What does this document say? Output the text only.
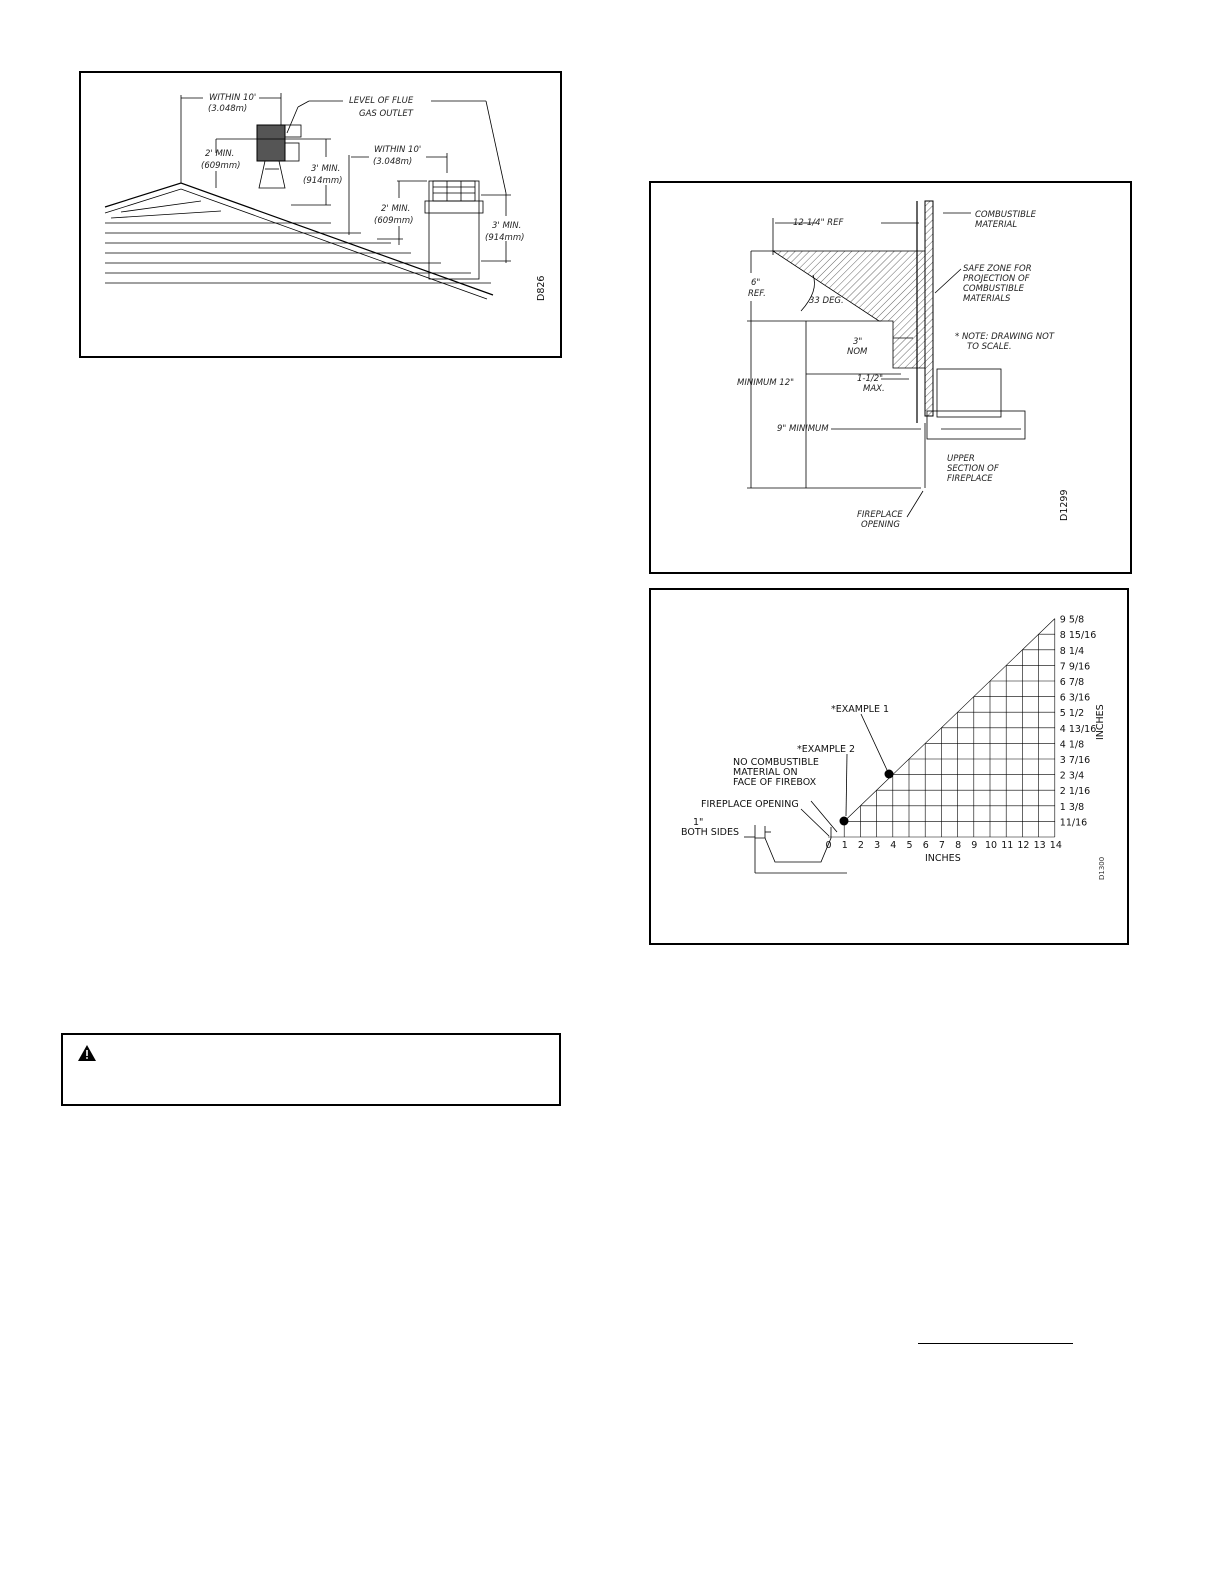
WITHIN 10'
(3.048m)
LEVEL OF FLUE
GAS OUTLET
2' MIN.
(609mm)	3' MIN.
(914mm)
WITHIN 10'
(3.048m)
2' MIN.
(609mm)	3' MIN.
(914mm)
D826
12-1/4" REF
COMBUSTIBLE
MATERIAL
6"
REF.
33 DEG.
SAFE ZONE FOR
PROJECTION OF
COMBUSTIBLE
MATERIALS
* NOTE: DRAWING NOT
TO SCALE.
3"
NOM
MINIMUM 12"	1-1/2"
MAX.
9" MINIMUM
UPPER
SECTION OF
FIREPLACE
FIREPLACE
OPENING
D1299
0 1 2 3 4 5 6 7 8 9 10 11 12 13 14
11/16
1 3/8
2 1/16
2 3/4
3 7/16
4 1/8
4 13/16
5 1/2
6 3/16
6 7/8
7 9/16
8 1/4
8 15/16
9 5/8
*EXAMPLE 1
*EXAMPLE 2
NO COMBUSTIBLE
MATERIAL ON
FACE OF FIREBOX
FIREPLACE OPENING
1"
BOTH SIDES
INCHES
INCHES
D1300
